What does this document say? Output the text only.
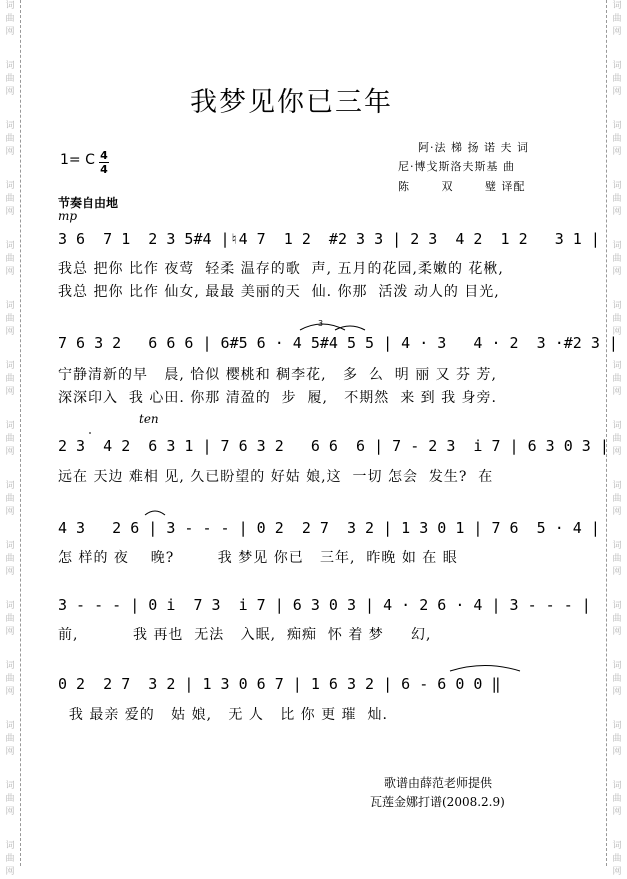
词
曲
网
词
曲
网
词
曲
网
词
曲
网
词
曲
网
词
曲
网
词
曲
网
词
曲
网
词
曲
网
词
曲
网
词
曲
网
词
曲
网
词
曲
网
词
曲
网
词
曲
网
词
曲
网
词
曲
网
词
曲
网
词
曲
网
词
曲
网
词
曲
网
词
曲
网
词
曲
网
词
曲
网
词
曲
网
词
曲
网
词
曲
网
词
曲
网
词
曲
网
词
曲
网
我梦见你已三年
阿·法 梯 扬 诺 夫 词
尼·博戈斯洛夫斯基 曲
陈       双       璧 译配
1= C 4
4
节奏自由地
mp
ten
3 6  7 1  2 3 5#4 |♮4 7  1 2  #2 3 3 | 2 3  4 2  1 2   3 1 |
我总 把你 比作 夜莺  轻柔 温存的歌  声, 五月的花园,柔嫩的 花楸,
我总 把你 比作 仙女, 最最 美丽的天  仙. 你那  活泼 动人的 目光,
7 6 3 2   6 6 6 | 6#5 6 · 4 5#4 5 5 | 4 · 3   4 · 2  3 ·#2 3 |
宁静清新的早   晨, 恰似 樱桃和 稠李花,   多  么  明 丽 又 芬 芳,
深深印入  我 心田. 你那 清盈的  步  履,   不期然  来 到 我 身旁.
2 3  4 2  6 3 1 | 7 6 3 2   6 6  6 | 7 - 2 3  i 7 | 6 3 0 3 |
远在 天边 难相 见, 久已盼望的 好姑 娘,这  一切 怎会  发生?  在
4 3   2 6 | 3 - - - | 0 2  2 7  3 2 | 1 3 0 1 | 7 6  5 · 4 |
怎 样的 夜    晚?        我 梦见 你已   三年,  昨晚 如 在 眼
3 - - - | 0 i  7 3  i 7 | 6 3 0 3 | 4 · 2 6 · 4 | 3 - - - |
前,          我 再也  无法   入眠,  痴痴  怀 着 梦     幻,
0 2  2 7  3 2 | 1 3 0 6 7 | 1 6 3 2 | 6 - 6 0 0 ‖
我 最亲 爱的   姑 娘,   无 人   比 你 更 璀  灿.
3
歌谱由薛范老师提供
瓦莲金娜打谱(2008.2.9)
